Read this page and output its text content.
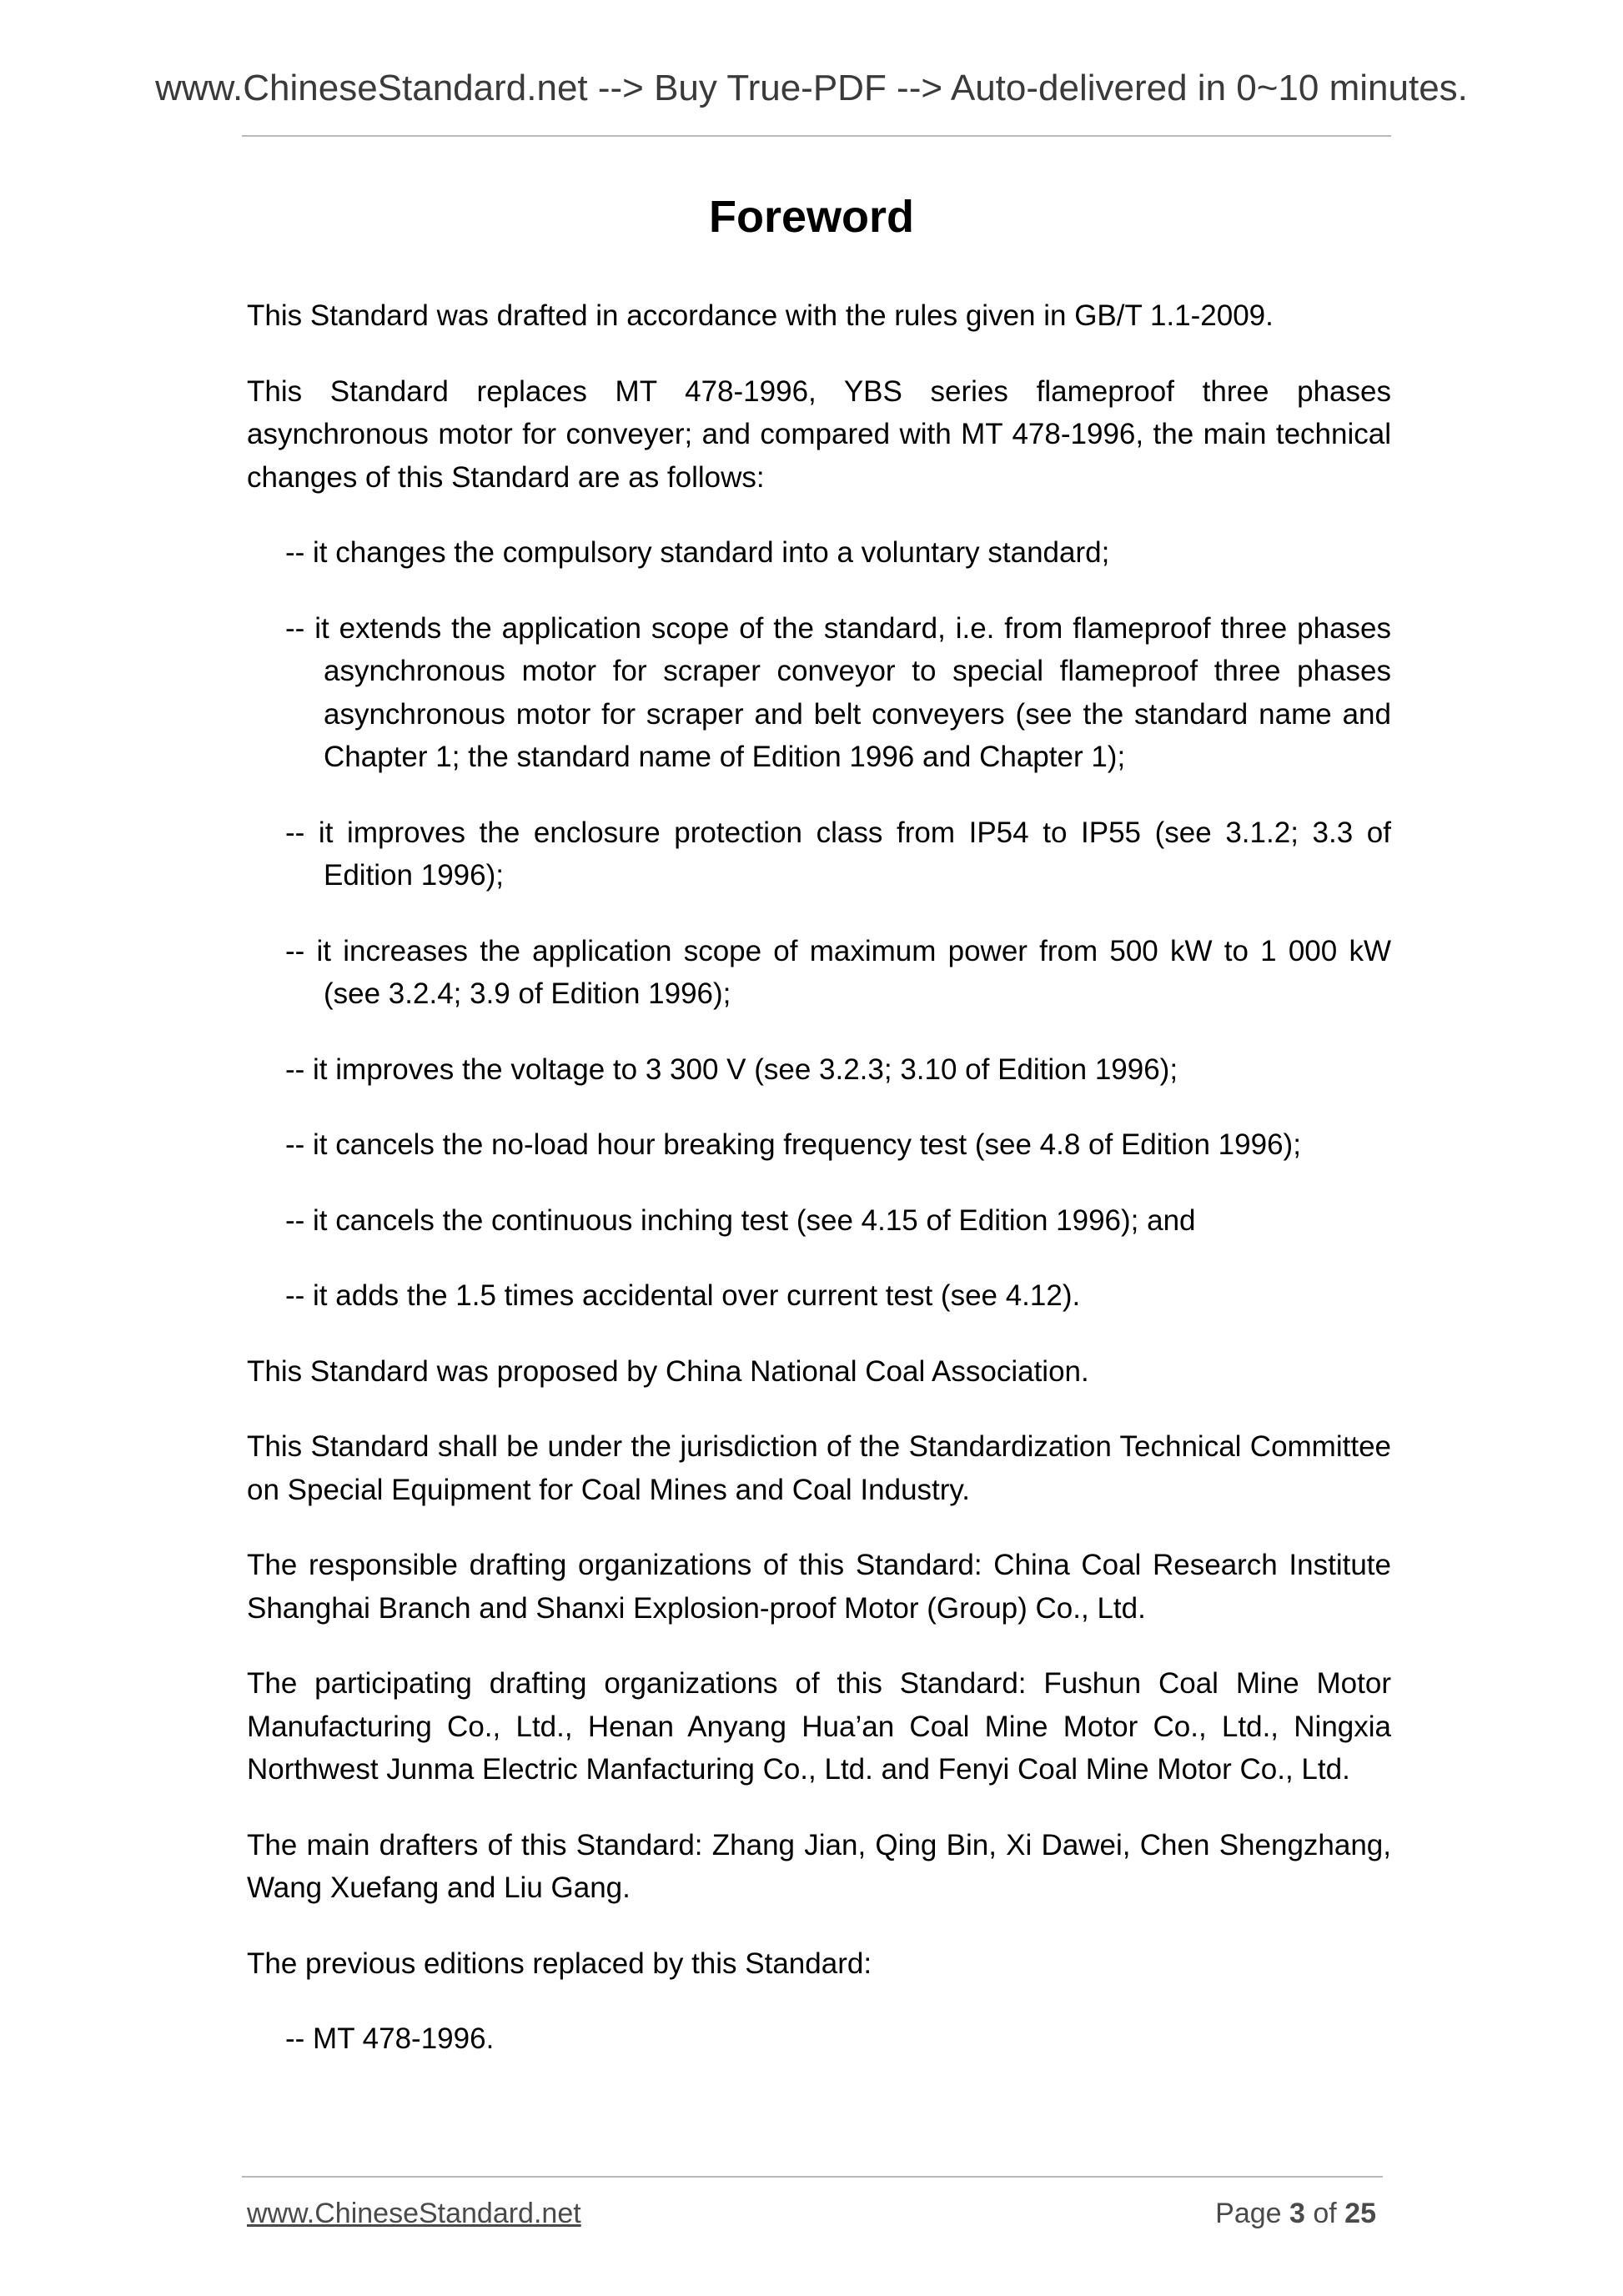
www.ChineseStandard.net --> Buy True-PDF --> Auto-delivered in 0~10 minutes.
Foreword

This Standard was drafted in accordance with the rules given in GB/T 1.1-2009.

This Standard replaces MT 478-1996, YBS series flameproof three phases asynchronous motor for conveyer; and compared with MT 478-1996, the main technical changes of this Standard are as follows:

-- it changes the compulsory standard into a voluntary standard;

-- it extends the application scope of the standard, i.e. from flameproof three phases asynchronous motor for scraper conveyor to special flameproof three phases asynchronous motor for scraper and belt conveyers (see the standard name and Chapter 1; the standard name of Edition 1996 and Chapter 1);

-- it improves the enclosure protection class from IP54 to IP55 (see 3.1.2; 3.3 of Edition 1996);

-- it increases the application scope of maximum power from 500 kW to 1 000 kW (see 3.2.4; 3.9 of Edition 1996);

-- it improves the voltage to 3 300 V (see 3.2.3; 3.10 of Edition 1996);

-- it cancels the no-load hour breaking frequency test (see 4.8 of Edition 1996);

-- it cancels the continuous inching test (see 4.15 of Edition 1996); and

-- it adds the 1.5 times accidental over current test (see 4.12).

This Standard was proposed by China National Coal Association.

This Standard shall be under the jurisdiction of the Standardization Technical Committee on Special Equipment for Coal Mines and Coal Industry.

The responsible drafting organizations of this Standard: China Coal Research Institute Shanghai Branch and Shanxi Explosion-proof Motor (Group) Co., Ltd.

The participating drafting organizations of this Standard: Fushun Coal Mine Motor Manufacturing Co., Ltd., Henan Anyang Hua’an Coal Mine Motor Co., Ltd., Ningxia Northwest Junma Electric Manfacturing Co., Ltd. and Fenyi Coal Mine Motor Co., Ltd.

The main drafters of this Standard: Zhang Jian, Qing Bin, Xi Dawei, Chen Shengzhang, Wang Xuefang and Liu Gang.

The previous editions replaced by this Standard:

-- MT 478-1996.

www.ChineseStandard.net	Page 3 of 25
